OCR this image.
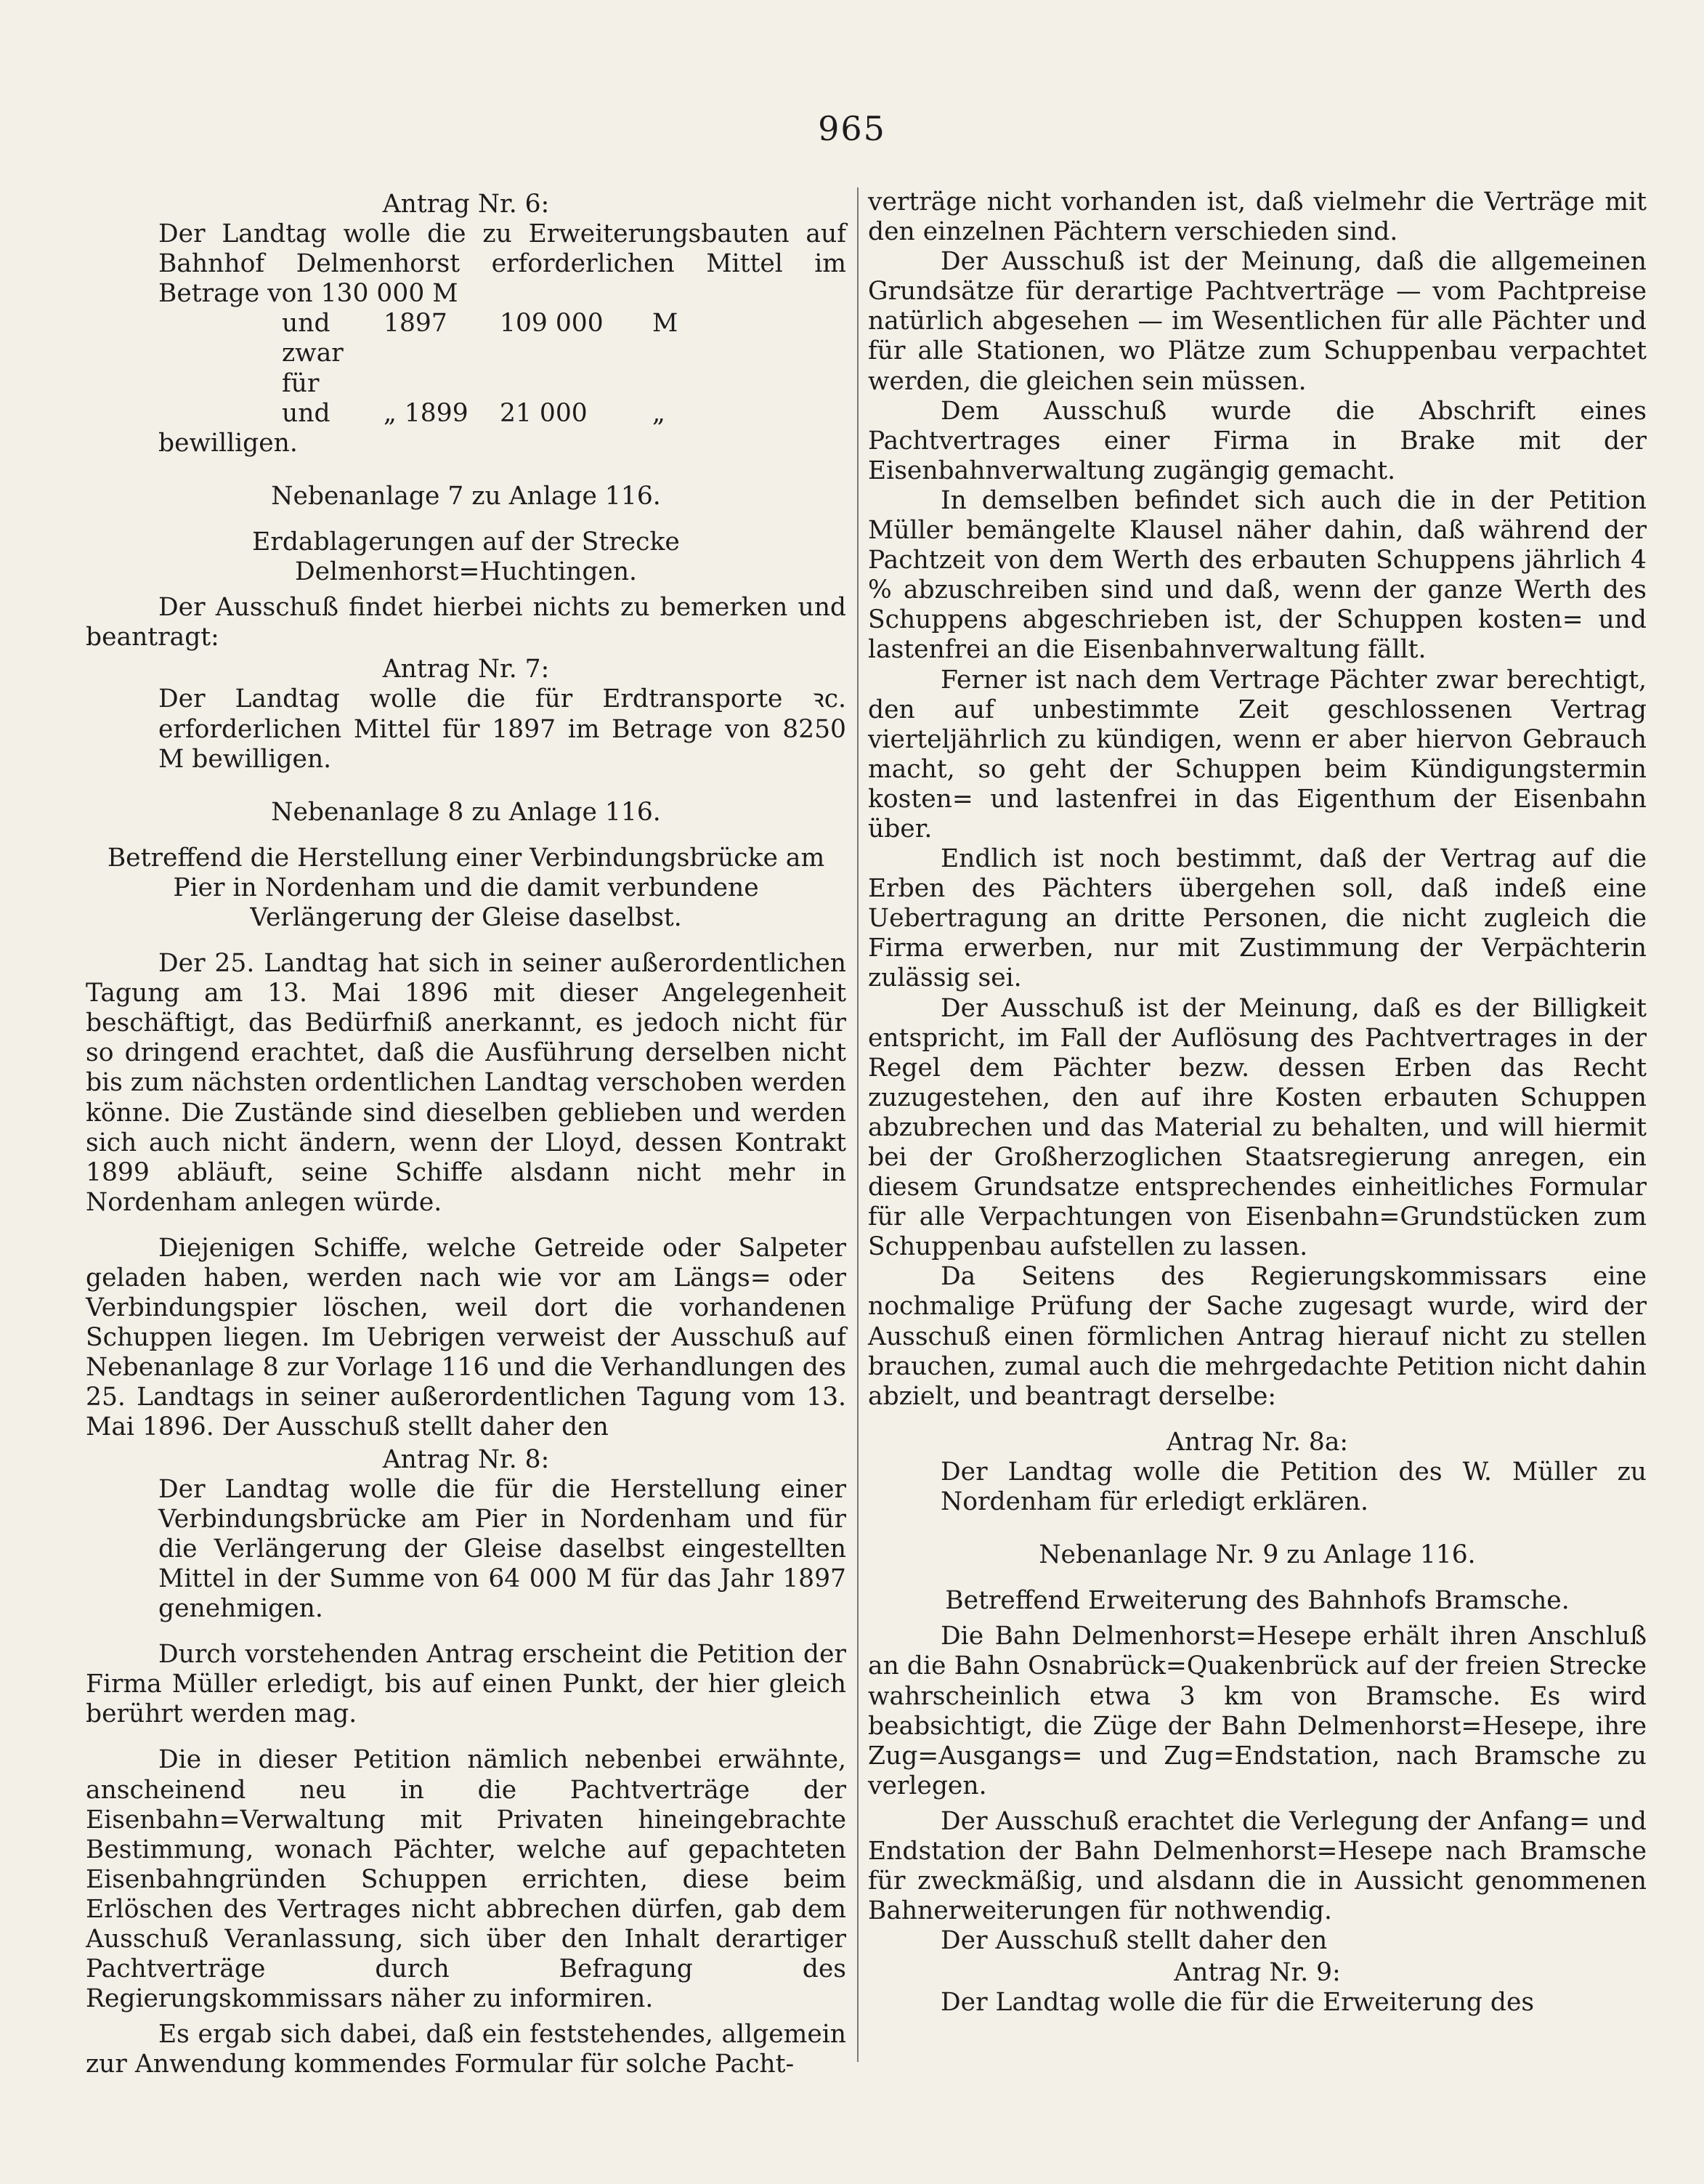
965

Antrag Nr. 6:

Der Landtag wolle die zu Erweiterungsbauten auf Bahnhof Delmenhorst erforderlichen Mittel im Betrage von 130 000 M

und zwar für
1897	109 000	M
und	„ 1899	21 000	„

bewilligen.

Nebenanlage 7 zu Anlage 116.

Erdablagerungen auf der Strecke Delmenhorst=Huchtingen.

Der Ausschuß findet hierbei nichts zu bemerken und beantragt:

Antrag Nr. 7:

Der Landtag wolle die für Erdtransporte ꝛc. erforderlichen Mittel für 1897 im Betrage von 8250 M bewilligen.

Nebenanlage 8 zu Anlage 116.

Betreffend die Herstellung einer Verbindungsbrücke am Pier in Nordenham und die damit verbundene Verlängerung der Gleise daselbst.

Der 25. Landtag hat sich in seiner außerordentlichen Tagung am 13. Mai 1896 mit dieser Angelegenheit beschäftigt, das Bedürfniß anerkannt, es jedoch nicht für so dringend erachtet, daß die Ausführung derselben nicht bis zum nächsten ordentlichen Landtag verschoben werden könne. Die Zustände sind dieselben geblieben und werden sich auch nicht ändern, wenn der Lloyd, dessen Kontrakt 1899 abläuft, seine Schiffe alsdann nicht mehr in Nordenham anlegen würde.

Diejenigen Schiffe, welche Getreide oder Salpeter geladen haben, werden nach wie vor am Längs= oder Verbindungspier löschen, weil dort die vorhandenen Schuppen liegen. Im Uebrigen verweist der Ausschuß auf Nebenanlage 8 zur Vorlage 116 und die Verhandlungen des 25. Landtags in seiner außerordentlichen Tagung vom 13. Mai 1896. Der Ausschuß stellt daher den

Antrag Nr. 8:

Der Landtag wolle die für die Herstellung einer Verbindungsbrücke am Pier in Nordenham und für die Verlängerung der Gleise daselbst eingestellten Mittel in der Summe von 64 000 M für das Jahr 1897 genehmigen.

Durch vorstehenden Antrag erscheint die Petition der Firma Müller erledigt, bis auf einen Punkt, der hier gleich berührt werden mag.

Die in dieser Petition nämlich nebenbei erwähnte, anscheinend neu in die Pachtverträge der Eisenbahn=Verwaltung mit Privaten hineingebrachte Bestimmung, wonach Pächter, welche auf gepachteten Eisenbahngründen Schuppen errichten, diese beim Erlöschen des Vertrages nicht abbrechen dürfen, gab dem Ausschuß Veranlassung, sich über den Inhalt derartiger Pachtverträge durch Befragung des Regierungskommissars näher zu informiren.

Es ergab sich dabei, daß ein feststehendes, allgemein zur Anwendung kommendes Formular für solche Pacht-

verträge nicht vorhanden ist, daß vielmehr die Verträge mit den einzelnen Pächtern verschieden sind.

Der Ausschuß ist der Meinung, daß die allgemeinen Grundsätze für derartige Pachtverträge — vom Pachtpreise natürlich abgesehen — im Wesentlichen für alle Pächter und für alle Stationen, wo Plätze zum Schuppenbau verpachtet werden, die gleichen sein müssen.

Dem Ausschuß wurde die Abschrift eines Pachtvertrages einer Firma in Brake mit der Eisenbahnverwaltung zugängig gemacht.

In demselben befindet sich auch die in der Petition Müller bemängelte Klausel näher dahin, daß während der Pachtzeit von dem Werth des erbauten Schuppens jährlich 4 % abzuschreiben sind und daß, wenn der ganze Werth des Schuppens abgeschrieben ist, der Schuppen kosten= und lastenfrei an die Eisenbahnverwaltung fällt.

Ferner ist nach dem Vertrage Pächter zwar berechtigt, den auf unbestimmte Zeit geschlossenen Vertrag vierteljährlich zu kündigen, wenn er aber hiervon Gebrauch macht, so geht der Schuppen beim Kündigungstermin kosten= und lastenfrei in das Eigenthum der Eisenbahn über.

Endlich ist noch bestimmt, daß der Vertrag auf die Erben des Pächters übergehen soll, daß indeß eine Uebertragung an dritte Personen, die nicht zugleich die Firma erwerben, nur mit Zustimmung der Verpächterin zulässig sei.

Der Ausschuß ist der Meinung, daß es der Billigkeit entspricht, im Fall der Auflösung des Pachtvertrages in der Regel dem Pächter bezw. dessen Erben das Recht zuzugestehen, den auf ihre Kosten erbauten Schuppen abzubrechen und das Material zu behalten, und will hiermit bei der Großherzoglichen Staatsregierung anregen, ein diesem Grundsatze entsprechendes einheitliches Formular für alle Verpachtungen von Eisenbahn=Grundstücken zum Schuppenbau aufstellen zu lassen.

Da Seitens des Regierungskommissars eine nochmalige Prüfung der Sache zugesagt wurde, wird der Ausschuß einen förmlichen Antrag hierauf nicht zu stellen brauchen, zumal auch die mehrgedachte Petition nicht dahin abzielt, und beantragt derselbe:

Antrag Nr. 8a:

Der Landtag wolle die Petition des W. Müller zu Nordenham für erledigt erklären.

Nebenanlage Nr. 9 zu Anlage 116.

Betreffend Erweiterung des Bahnhofs Bramsche.

Die Bahn Delmenhorst=Hesepe erhält ihren Anschluß an die Bahn Osnabrück=Quakenbrück auf der freien Strecke wahrscheinlich etwa 3 km von Bramsche. Es wird beabsichtigt, die Züge der Bahn Delmenhorst=Hesepe, ihre Zug=Ausgangs= und Zug=Endstation, nach Bramsche zu verlegen.

Der Ausschuß erachtet die Verlegung der Anfang= und Endstation der Bahn Delmenhorst=Hesepe nach Bramsche für zweckmäßig, und alsdann die in Aussicht genommenen Bahnerweiterungen für nothwendig.

Der Ausschuß stellt daher den

Antrag Nr. 9:

Der Landtag wolle die für die Erweiterung des
